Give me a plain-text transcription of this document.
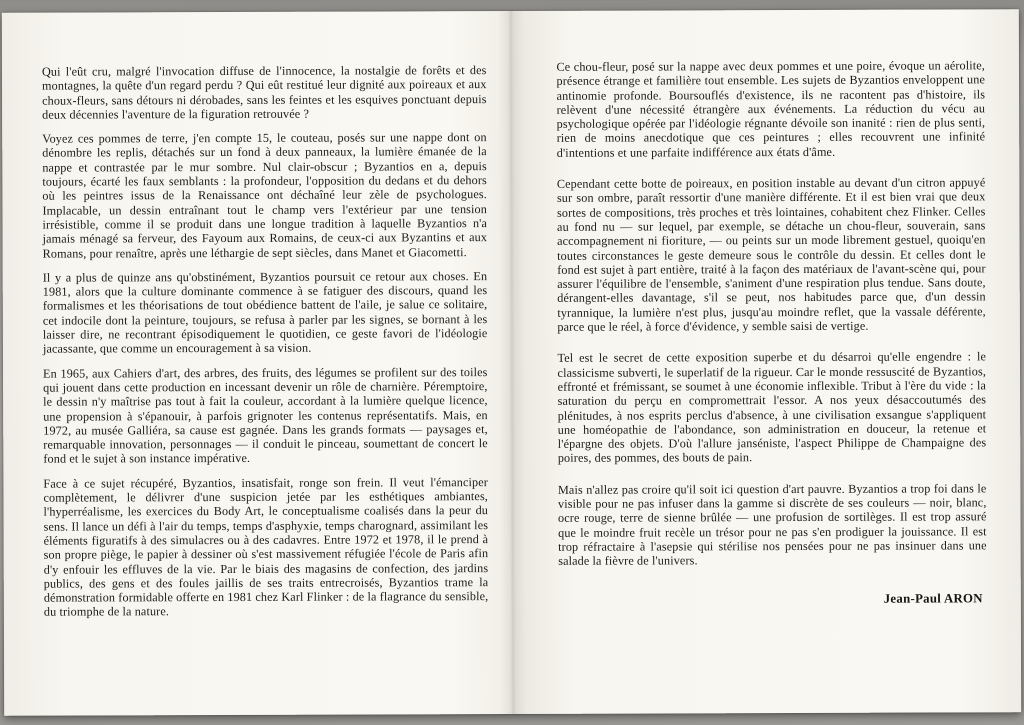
Qui l'eût cru, malgré l'invocation diffuse de l'innocence, la nostalgie de forêts et des montagnes, la quête d'un regard perdu ? Qui eût restitué leur dignité aux poireaux et aux choux-fleurs, sans détours ni dérobades, sans les feintes et les esquives ponctuant depuis deux décennies l'aventure de la figuration retrouvée ?

Voyez ces pommes de terre, j'en compte 15, le couteau, posés sur une nappe dont on dénombre les replis, détachés sur un fond à deux panneaux, la lumière émanée de la nappe et contrastée par le mur sombre. Nul clair-obscur ; Byzantios en a, depuis toujours, écarté les faux semblants : la profondeur, l'opposition du dedans et du dehors où les peintres issus de la Renaissance ont déchaîné leur zèle de psychologues. Implacable, un dessin entraînant tout le champ vers l'extérieur par une tension irrésistible, comme il se produit dans une longue tradition à laquelle Byzantios n'a jamais ménagé sa ferveur, des Fayoum aux Romains, de ceux-ci aux Byzantins et aux Romans, pour renaître, après une léthargie de sept siècles, dans Manet et Giacometti.

Il y a plus de quinze ans qu'obstinément, Byzantios poursuit ce retour aux choses. En 1981, alors que la culture dominante commence à se fatiguer des discours, quand les formalismes et les théorisations de tout obédience battent de l'aile, je salue ce solitaire, cet indocile dont la peinture, toujours, se refusa à parler par les signes, se bornant à les laisser dire, ne recontrant épisodiquement le quotidien, ce geste favori de l'idéologie jacassante, que comme un encouragement à sa vision.

En 1965, aux Cahiers d'art, des arbres, des fruits, des légumes se profilent sur des toiles qui jouent dans cette production en incessant devenir un rôle de charnière. Péremptoire, le dessin n'y maîtrise pas tout à fait la couleur, accordant à la lumière quelque licence, une propension à s'épanouir, à parfois grignoter les contenus représentatifs. Mais, en 1972, au musée Galliéra, sa cause est gagnée. Dans les grands formats — paysages et, remarquable innovation, personnages — il conduit le pinceau, soumettant de concert le fond et le sujet à son instance impérative.

Face à ce sujet récupéré, Byzantios, insatisfait, ronge son frein. Il veut l'émanciper complètement, le délivrer d'une suspicion jetée par les esthétiques ambiantes, l'hyperréalisme, les exercices du Body Art, le conceptualisme coalisés dans la peur du sens. Il lance un défi à l'air du temps, temps d'asphyxie, temps charognard, assimilant les éléments figuratifs à des simulacres ou à des cadavres. Entre 1972 et 1978, il le prend à son propre piège, le papier à dessiner où s'est massivement réfugiée l'école de Paris afin d'y enfouir les effluves de la vie. Par le biais des magasins de confection, des jardins publics, des gens et des foules jaillis de ses traits entrecroisés, Byzantios trame la démonstration formidable offerte en 1981 chez Karl Flinker : de la flagrance du sensible, du triomphe de la nature.

Ce chou-fleur, posé sur la nappe avec deux pommes et une poire, évoque un aérolite, présence étrange et familière tout ensemble. Les sujets de Byzantios enveloppent une antinomie profonde. Boursouflés d'existence, ils ne racontent pas d'histoire, ils relèvent d'une nécessité étrangère aux événements. La réduction du vécu au psychologique opérée par l'idéologie régnante dévoile son inanité : rien de plus senti, rien de moins anecdotique que ces peintures ; elles recouvrent une infinité d'intentions et une parfaite indifférence aux états d'âme.

Cependant cette botte de poireaux, en position instable au devant d'un citron appuyé sur son ombre, paraît ressortir d'une manière différente. Et il est bien vrai que deux sortes de compositions, très proches et très lointaines, cohabitent chez Flinker. Celles au fond nu — sur lequel, par exemple, se détache un chou-fleur, souverain, sans accompagnement ni fioriture, — ou peints sur un mode librement gestuel, quoiqu'en toutes circonstances le geste demeure sous le contrôle du dessin. Et celles dont le fond est sujet à part entière, traité à la façon des matériaux de l'avant-scène qui, pour assurer l'équilibre de l'ensemble, s'animent d'une respiration plus tendue. Sans doute, dérangent-elles davantage, s'il se peut, nos habitudes parce que, d'un dessin tyrannique, la lumière n'est plus, jusqu'au moindre reflet, que la vassale déférente, parce que le réel, à force d'évidence, y semble saisi de vertige.

Tel est le secret de cette exposition superbe et du désarroi qu'elle engendre : le classicisme subverti, le superlatif de la rigueur. Car le monde ressuscité de Byzantios, effronté et frémissant, se soumet à une économie inflexible. Tribut à l'ère du vide : la saturation du perçu en compromettrait l'essor. A nos yeux désaccoutumés des plénitudes, à nos esprits perclus d'absence, à une civilisation exsangue s'appliquent une homéopathie de l'abondance, son administration en douceur, la retenue et l'épargne des objets. D'où l'allure janséniste, l'aspect Philippe de Champaigne des poires, des pommes, des bouts de pain.

Mais n'allez pas croire qu'il soit ici question d'art pauvre. Byzantios a trop foi dans le visible pour ne pas infuser dans la gamme si discrète de ses couleurs — noir, blanc, ocre rouge, terre de sienne brûlée — une profusion de sortilèges. Il est trop assuré que le moindre fruit recèle un trésor pour ne pas s'en prodiguer la jouissance. Il est trop réfractaire à l'asepsie qui stérilise nos pensées pour ne pas insinuer dans une salade la fièvre de l'univers.

Jean-Paul ARON
